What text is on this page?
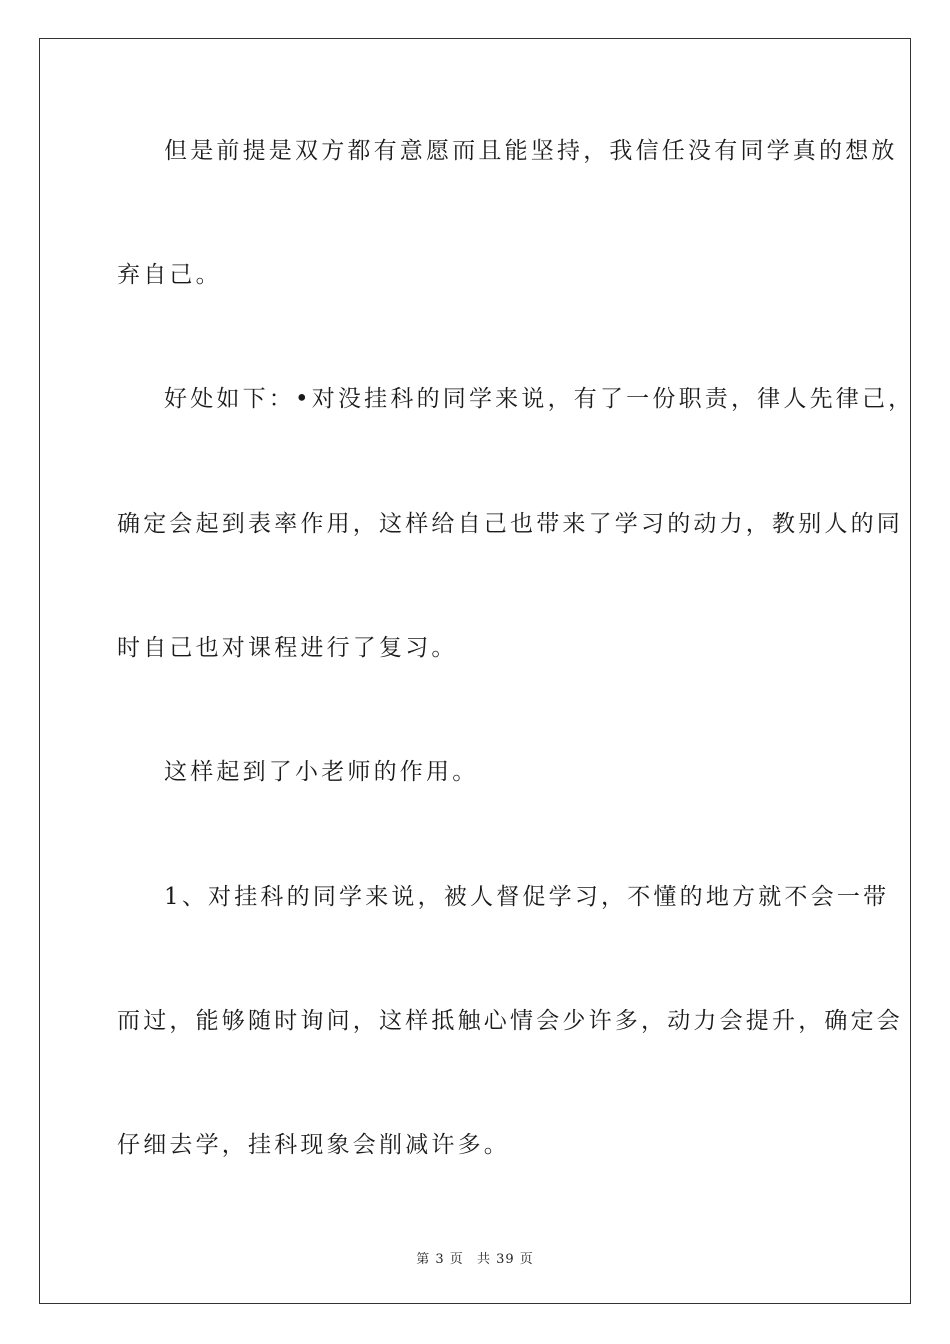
但是前提是双方都有意愿而且能坚持，我信任没有同学真的想放
弃自己。
好处如下：•对没挂科的同学来说，有了一份职责，律人先律己，
确定会起到表率作用，这样给自己也带来了学习的动力，教别人的同
时自己也对课程进行了复习。
这样起到了小老师的作用。
1、对挂科的同学来说，被人督促学习，不懂的地方就不会一带
而过，能够随时询问，这样抵触心情会少许多，动力会提升，确定会
仔细去学，挂科现象会削减许多。
第 3 页 共 39 页
